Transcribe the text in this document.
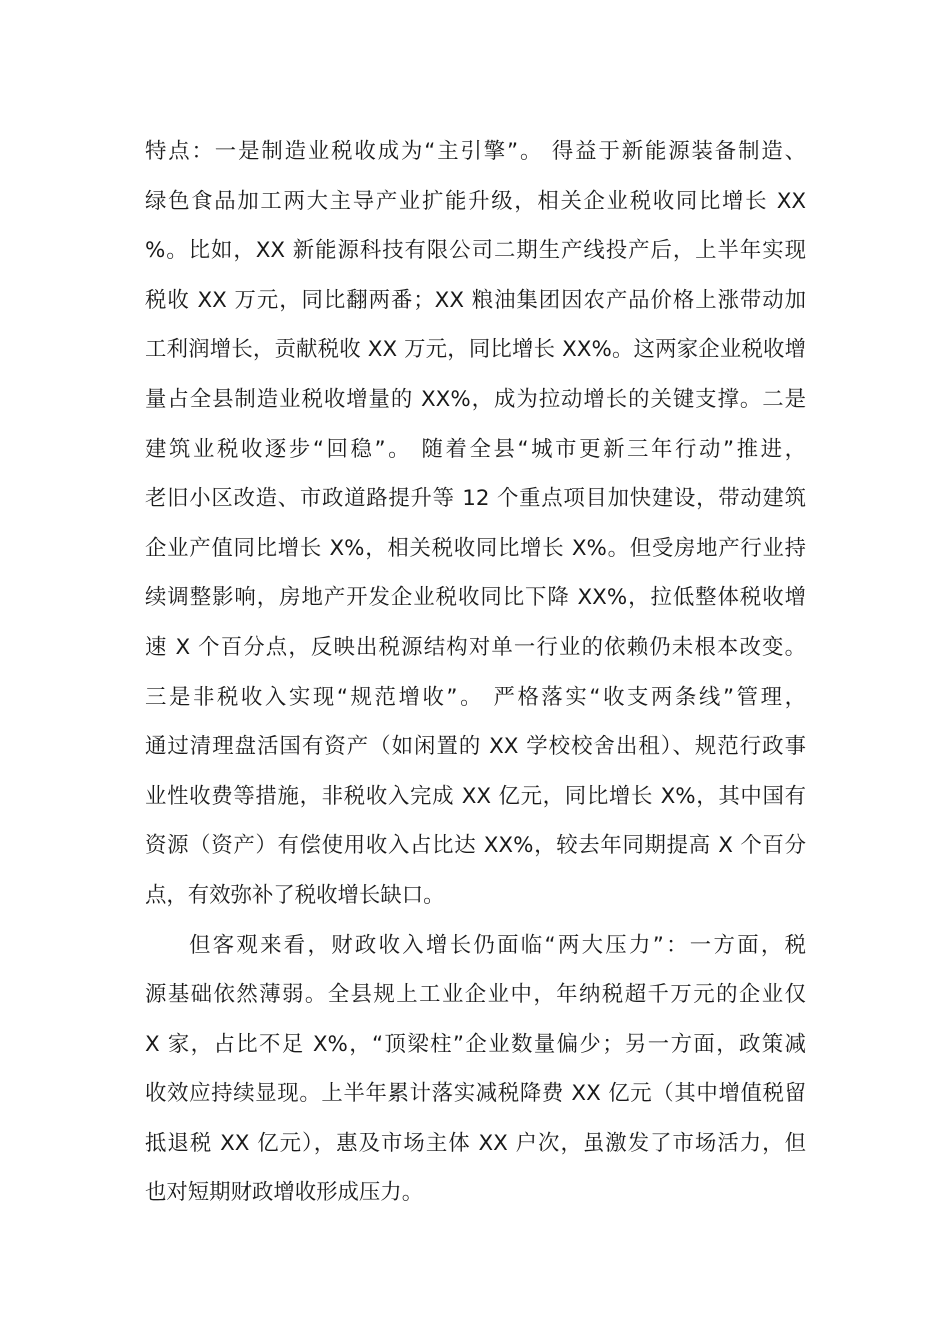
特点：一是制造业税收成为“主引擎”。 得益于新能源装备制造、
绿色食品加工两大主导产业扩能升级，相关企业税收同比增长 XX
%。比如，XX 新能源科技有限公司二期生产线投产后，上半年实现
税收 XX 万元，同比翻两番；XX 粮油集团因农产品价格上涨带动加
工利润增长，贡献税收 XX 万元，同比增长 XX%。这两家企业税收增
量占全县制造业税收增量的 XX%，成为拉动增长的关键支撑。二是
建筑业税收逐步“回稳”。 随着全县“城市更新三年行动”推进，
老旧小区改造、市政道路提升等 12 个重点项目加快建设，带动建筑
企业产值同比增长 X%，相关税收同比增长 X%。但受房地产行业持
续调整影响，房地产开发企业税收同比下降 XX%，拉低整体税收增
速 X 个百分点，反映出税源结构对单一行业的依赖仍未根本改变。
三是非税收入实现“规范增收”。 严格落实“收支两条线”管理，
通过清理盘活国有资产（如闲置的 XX 学校校舍出租）、规范行政事
业性收费等措施，非税收入完成 XX 亿元，同比增长 X%，其中国有
资源（资产）有偿使用收入占比达 XX%，较去年同期提高 X 个百分
点，有效弥补了税收增长缺口。
但客观来看，财政收入增长仍面临“两大压力”：一方面，税
源基础依然薄弱。全县规上工业企业中，年纳税超千万元的企业仅
X 家，占比不足 X%，“顶梁柱”企业数量偏少；另一方面，政策减
收效应持续显现。上半年累计落实减税降费 XX 亿元（其中增值税留
抵退税 XX 亿元），惠及市场主体 XX 户次，虽激发了市场活力，但
也对短期财政增收形成压力。
